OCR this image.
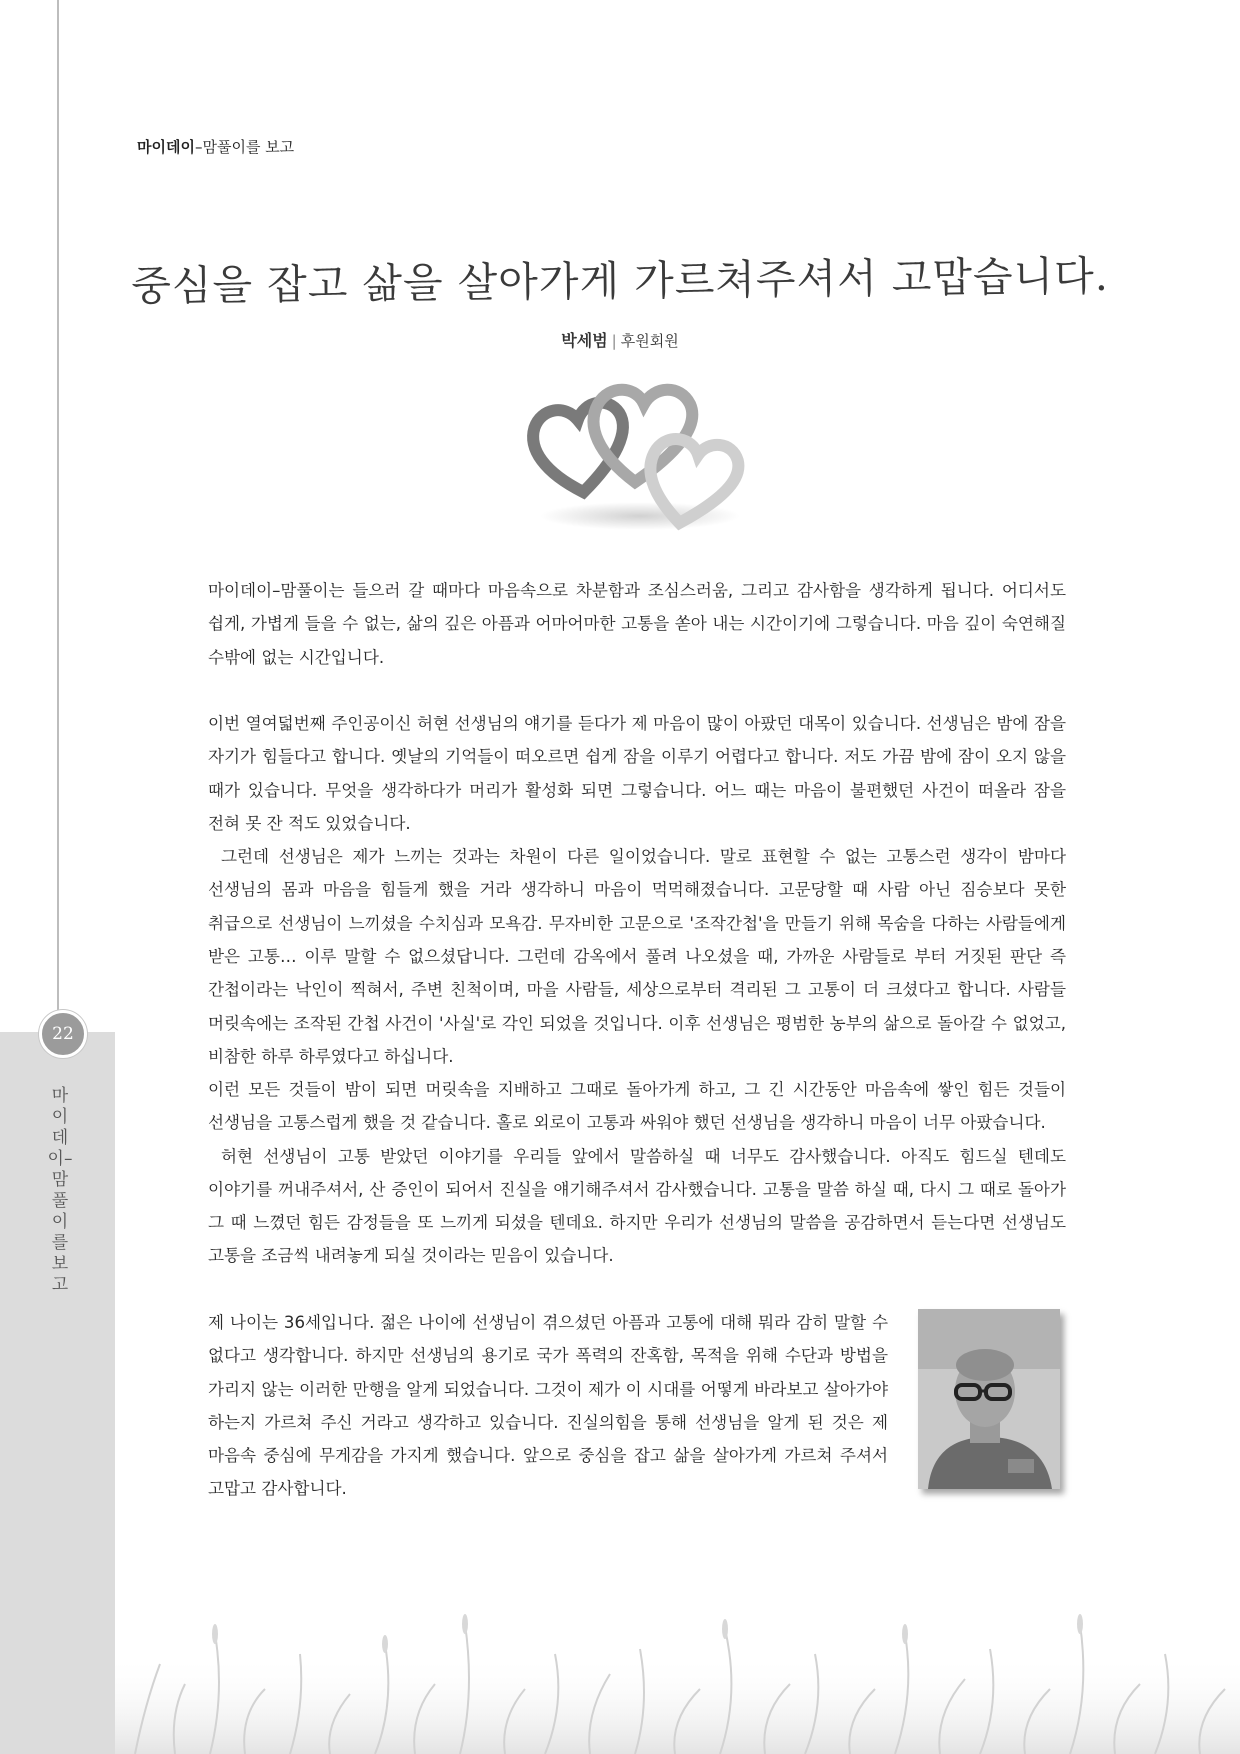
22
마이데이–맘풀이를 보고
마이데이–맘풀이를 보고
중심을 잡고 삶을 살아가게 가르쳐주셔서 고맙습니다.
박세범 | 후원회원

마이데이–맘풀이는 들으러 갈 때마다 마음속으로 차분함과 조심스러움, 그리고 감사함을 생각하게 됩니다. 어디서도 쉽게, 가볍게 들을 수 없는, 삶의 깊은 아픔과 어마어마한 고통을 쏟아 내는 시간이기에 그렇습니다. 마음 깊이 숙연해질 수밖에 없는 시간입니다.

이번 열여덟번째 주인공이신 허현 선생님의 얘기를 듣다가 제 마음이 많이 아팠던 대목이 있습니다. 선생님은 밤에 잠을 자기가 힘들다고 합니다. 옛날의 기억들이 떠오르면 쉽게 잠을 이루기 어렵다고 합니다. 저도 가끔 밤에 잠이 오지 않을 때가 있습니다. 무엇을 생각하다가 머리가 활성화 되면 그렇습니다. 어느 때는 마음이 불편했던 사건이 떠올라 잠을 전혀 못 잔 적도 있었습니다.

그런데 선생님은 제가 느끼는 것과는 차원이 다른 일이었습니다. 말로 표현할 수 없는 고통스런 생각이 밤마다 선생님의 몸과 마음을 힘들게 했을 거라 생각하니 마음이 먹먹해졌습니다. 고문당할 때 사람 아닌 짐승보다 못한 취급으로 선생님이 느끼셨을 수치심과 모욕감. 무자비한 고문으로 '조작간첩'을 만들기 위해 목숨을 다하는 사람들에게 받은 고통… 이루 말할 수 없으셨답니다. 그런데 감옥에서 풀려 나오셨을 때, 가까운 사람들로 부터 거짓된 판단 즉 간첩이라는 낙인이 찍혀서, 주변 친척이며, 마을 사람들, 세상으로부터 격리된 그 고통이 더 크셨다고 합니다. 사람들 머릿속에는 조작된 간첩 사건이 '사실'로 각인 되었을 것입니다. 이후 선생님은 평범한 농부의 삶으로 돌아갈 수 없었고, 비참한 하루 하루였다고 하십니다.

이런 모든 것들이 밤이 되면 머릿속을 지배하고 그때로 돌아가게 하고, 그 긴 시간동안 마음속에 쌓인 힘든 것들이 선생님을 고통스럽게 했을 것 같습니다. 홀로 외로이 고통과 싸워야 했던 선생님을 생각하니 마음이 너무 아팠습니다.

허현 선생님이 고통 받았던 이야기를 우리들 앞에서 말씀하실 때 너무도 감사했습니다. 아직도 힘드실 텐데도 이야기를 꺼내주셔서, 산 증인이 되어서 진실을 얘기해주셔서 감사했습니다. 고통을 말씀 하실 때, 다시 그 때로 돌아가 그 때 느꼈던 힘든 감정들을 또 느끼게 되셨을 텐데요. 하지만 우리가 선생님의 말씀을 공감하면서 듣는다면 선생님도 고통을 조금씩 내려놓게 되실 것이라는 믿음이 있습니다.

제 나이는 36세입니다. 젊은 나이에 선생님이 겪으셨던 아픔과 고통에 대해 뭐라 감히 말할 수 없다고 생각합니다. 하지만 선생님의 용기로 국가 폭력의 잔혹함, 목적을 위해 수단과 방법을 가리지 않는 이러한 만행을 알게 되었습니다. 그것이 제가 이 시대를 어떻게 바라보고 살아가야 하는지 가르쳐 주신 거라고 생각하고 있습니다. 진실의힘을 통해 선생님을 알게 된 것은 제 마음속 중심에 무게감을 가지게 했습니다. 앞으로 중심을 잡고 삶을 살아가게 가르쳐 주셔서 고맙고 감사합니다.
